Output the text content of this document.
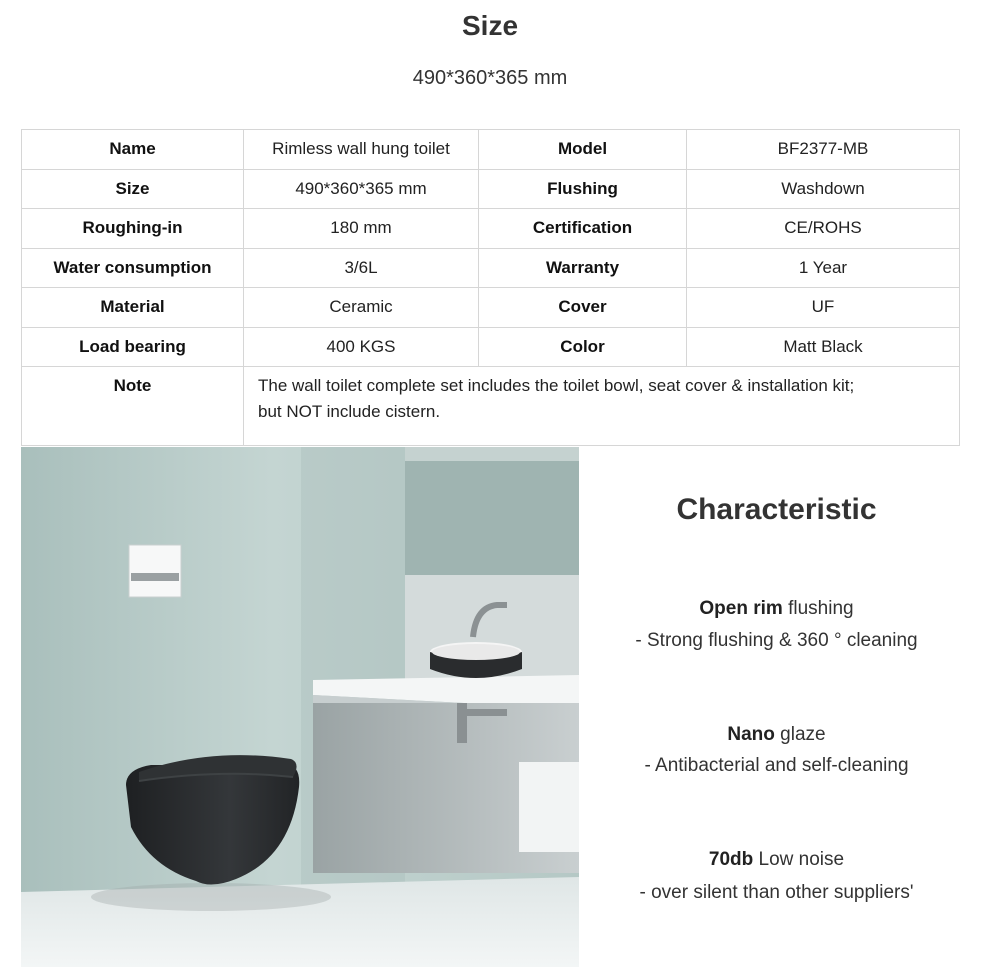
Size
490*360*365 mm
Name	Rimless wall hung toilet	Model	BF2377-MB
Size	490*360*365 mm	Flushing	Washdown
Roughing-in	180 mm	Certification	CE/ROHS
Water consumption	3/6L	Warranty	1 Year
Material	Ceramic	Cover	UF
Load bearing	400 KGS	Color	Matt Black
Note	The wall toilet complete set includes the toilet bowl, seat cover & installation kit;
but NOT include cistern.		
Characteristic
Open rim flushing
- Strong flushing & 360 ° cleaning
Nano glaze
- Antibacterial and self-cleaning
70db Low noise
- over silent than other suppliers'
